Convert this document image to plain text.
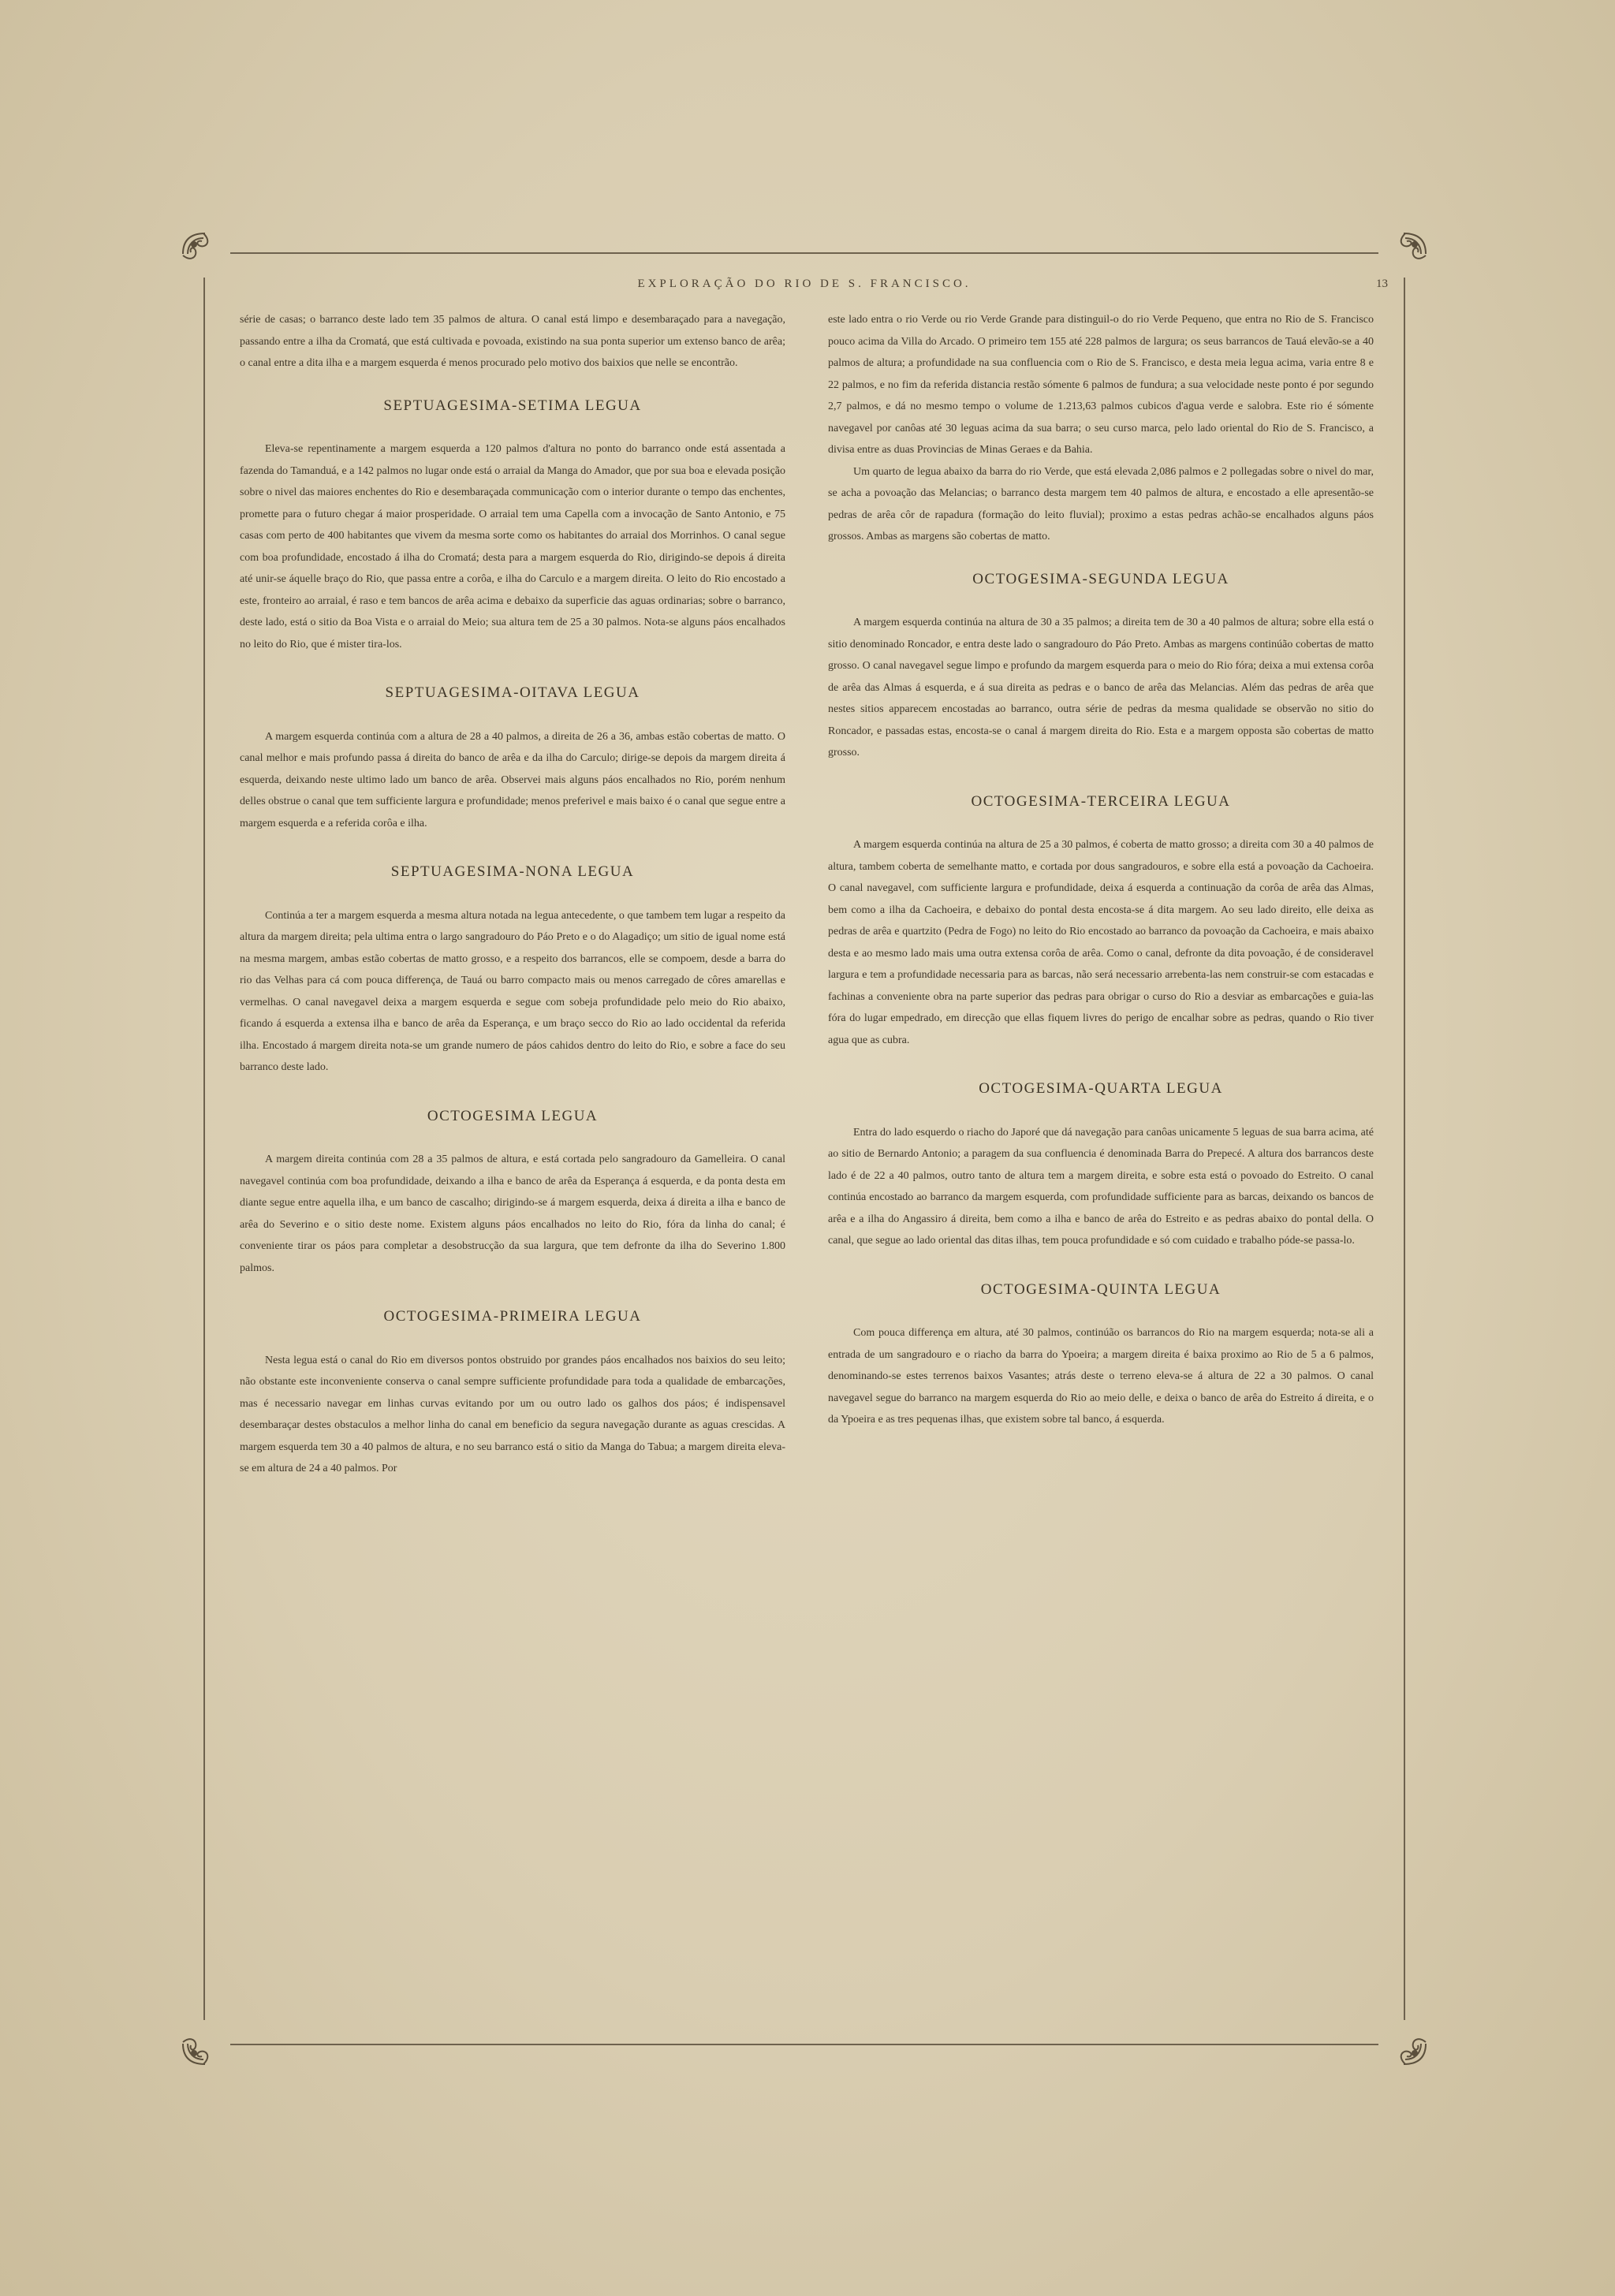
EXPLORAÇÃO DO RIO DE S. FRANCISCO.	13

série de casas; o barranco deste lado tem 35 palmos de altura. O canal está limpo e desembaraçado para a navegação, passando entre a ilha da Cromatá, que está cultivada e povoada, existindo na sua ponta superior um extenso banco de arêa; o canal entre a dita ilha e a margem esquerda é menos procurado pelo motivo dos baixios que nelle se encontrão.

SEPTUAGESIMA-SETIMA LEGUA

Eleva-se repentinamente a margem esquerda a 120 palmos d'altura no ponto do barranco onde está assentada a fazenda do Tamanduá, e a 142 palmos no lugar onde está o arraial da Manga do Amador, que por sua boa e elevada posição sobre o nivel das maiores enchentes do Rio e desembaraçada communicação com o interior durante o tempo das enchentes, promette para o futuro chegar á maior prosperidade. O arraial tem uma Capella com a invocação de Santo Antonio, e 75 casas com perto de 400 habitantes que vivem da mesma sorte como os habitantes do arraial dos Morrinhos. O canal segue com boa profundidade, encostado á ilha do Cromatá; desta para a margem esquerda do Rio, dirigindo-se depois á direita até unir-se áquelle braço do Rio, que passa entre a corôa, e ilha do Carculo e a margem direita. O leito do Rio encostado a este, fronteiro ao arraial, é raso e tem bancos de arêa acima e debaixo da superficie das aguas ordinarias; sobre o barranco, deste lado, está o sitio da Boa Vista e o arraial do Meio; sua altura tem de 25 a 30 palmos. Nota-se alguns páos encalhados no leito do Rio, que é mister tira-los.

SEPTUAGESIMA-OITAVA LEGUA

A margem esquerda continúa com a altura de 28 a 40 palmos, a direita de 26 a 36, ambas estão cobertas de matto. O canal melhor e mais profundo passa á direita do banco de arêa e da ilha do Carculo; dirige-se depois da margem direita á esquerda, deixando neste ultimo lado um banco de arêa. Observei mais alguns páos encalhados no Rio, porém nenhum delles obstrue o canal que tem sufficiente largura e profundidade; menos preferivel e mais baixo é o canal que segue entre a margem esquerda e a referida corôa e ilha.

SEPTUAGESIMA-NONA LEGUA

Continúa a ter a margem esquerda a mesma altura notada na legua antecedente, o que tambem tem lugar a respeito da altura da margem direita; pela ultima entra o largo sangradouro do Páo Preto e o do Alagadiço; um sitio de igual nome está na mesma margem, ambas estão cobertas de matto grosso, e a respeito dos barrancos, elle se compoem, desde a barra do rio das Velhas para cá com pouca differença, de Tauá ou barro compacto mais ou menos carregado de côres amarellas e vermelhas. O canal navegavel deixa a margem esquerda e segue com sobeja profundidade pelo meio do Rio abaixo, ficando á esquerda a extensa ilha e banco de arêa da Esperança, e um braço secco do Rio ao lado occidental da referida ilha. Encostado á margem direita nota-se um grande numero de páos cahidos dentro do leito do Rio, e sobre a face do seu barranco deste lado.

OCTOGESIMA LEGUA

A margem direita continúa com 28 a 35 palmos de altura, e está cortada pelo sangradouro da Gamelleira. O canal navegavel continúa com boa profundidade, deixando a ilha e banco de arêa da Esperança á esquerda, e da ponta desta em diante segue entre aquella ilha, e um banco de cascalho; dirigindo-se á margem esquerda, deixa á direita a ilha e banco de arêa do Severino e o sitio deste nome. Existem alguns páos encalhados no leito do Rio, fóra da linha do canal; é conveniente tirar os páos para completar a desobstrucção da sua largura, que tem defronte da ilha do Severino 1.800 palmos.

OCTOGESIMA-PRIMEIRA LEGUA

Nesta legua está o canal do Rio em diversos pontos obstruido por grandes páos encalhados nos baixios do seu leito; não obstante este inconveniente conserva o canal sempre sufficiente profundidade para toda a qualidade de embarcações, mas é necessario navegar em linhas curvas evitando por um ou outro lado os galhos dos páos; é indispensavel desembaraçar destes obstaculos a melhor linha do canal em beneficio da segura navegação durante as aguas crescidas. A margem esquerda tem 30 a 40 palmos de altura, e no seu barranco está o sitio da Manga do Tabua; a margem direita eleva-se em altura de 24 a 40 palmos. Por

este lado entra o rio Verde ou rio Verde Grande para distinguil-o do rio Verde Pequeno, que entra no Rio de S. Francisco pouco acima da Villa do Arcado. O primeiro tem 155 até 228 palmos de largura; os seus barrancos de Tauá elevão-se a 40 palmos de altura; a profundidade na sua confluencia com o Rio de S. Francisco, e desta meia legua acima, varia entre 8 e 22 palmos, e no fim da referida distancia restão sómente 6 palmos de fundura; a sua velocidade neste ponto é por segundo 2,7 palmos, e dá no mesmo tempo o volume de 1.213,63 palmos cubicos d'agua verde e salobra. Este rio é sómente navegavel por canôas até 30 leguas acima da sua barra; o seu curso marca, pelo lado oriental do Rio de S. Francisco, a divisa entre as duas Provincias de Minas Geraes e da Bahia.

Um quarto de legua abaixo da barra do rio Verde, que está elevada 2,086 palmos e 2 pollegadas sobre o nivel do mar, se acha a povoação das Melancias; o barranco desta margem tem 40 palmos de altura, e encostado a elle apresentão-se pedras de arêa côr de rapadura (formação do leito fluvial); proximo a estas pedras achão-se encalhados alguns páos grossos. Ambas as margens são cobertas de matto.

OCTOGESIMA-SEGUNDA LEGUA

A margem esquerda continúa na altura de 30 a 35 palmos; a direita tem de 30 a 40 palmos de altura; sobre ella está o sitio denominado Roncador, e entra deste lado o sangradouro do Páo Preto. Ambas as margens continúão cobertas de matto grosso. O canal navegavel segue limpo e profundo da margem esquerda para o meio do Rio fóra; deixa a mui extensa corôa de arêa das Almas á esquerda, e á sua direita as pedras e o banco de arêa das Melancias. Além das pedras de arêa que nestes sitios apparecem encostadas ao barranco, outra série de pedras da mesma qualidade se observão no sitio do Roncador, e passadas estas, encosta-se o canal á margem direita do Rio. Esta e a margem opposta são cobertas de matto grosso.

OCTOGESIMA-TERCEIRA LEGUA

A margem esquerda continúa na altura de 25 a 30 palmos, é coberta de matto grosso; a direita com 30 a 40 palmos de altura, tambem coberta de semelhante matto, e cortada por dous sangradouros, e sobre ella está a povoação da Cachoeira. O canal navegavel, com sufficiente largura e profundidade, deixa á esquerda a continuação da corôa de arêa das Almas, bem como a ilha da Cachoeira, e debaixo do pontal desta encosta-se á dita margem. Ao seu lado direito, elle deixa as pedras de arêa e quartzito (Pedra de Fogo) no leito do Rio encostado ao barranco da povoação da Cachoeira, e mais abaixo desta e ao mesmo lado mais uma outra extensa corôa de arêa. Como o canal, defronte da dita povoação, é de consideravel largura e tem a profundidade necessaria para as barcas, não será necessario arrebenta-las nem construir-se com estacadas e fachinas a conveniente obra na parte superior das pedras para obrigar o curso do Rio a desviar as embarcações e guia-las fóra do lugar empedrado, em direcção que ellas fiquem livres do perigo de encalhar sobre as pedras, quando o Rio tiver agua que as cubra.

OCTOGESIMA-QUARTA LEGUA

Entra do lado esquerdo o riacho do Japoré que dá navegação para canôas unicamente 5 leguas de sua barra acima, até ao sitio de Bernardo Antonio; a paragem da sua confluencia é denominada Barra do Prepecé. A altura dos barrancos deste lado é de 22 a 40 palmos, outro tanto de altura tem a margem direita, e sobre esta está o povoado do Estreito. O canal continúa encostado ao barranco da margem esquerda, com profundidade sufficiente para as barcas, deixando os bancos de arêa e a ilha do Angassiro á direita, bem como a ilha e banco de arêa do Estreito e as pedras abaixo do pontal della. O canal, que segue ao lado oriental das ditas ilhas, tem pouca profundidade e só com cuidado e trabalho póde-se passa-lo.

OCTOGESIMA-QUINTA LEGUA

Com pouca differença em altura, até 30 palmos, continúão os barrancos do Rio na margem esquerda; nota-se ali a entrada de um sangradouro e o riacho da barra do Ypoeira; a margem direita é baixa proximo ao Rio de 5 a 6 palmos, denominando-se estes terrenos baixos Vasantes; atrás deste o terreno eleva-se á altura de 22 a 30 palmos. O canal navegavel segue do barranco na margem esquerda do Rio ao meio delle, e deixa o banco de arêa do Estreito á direita, e o da Ypoeira e as tres pequenas ilhas, que existem sobre tal banco, á esquerda.
